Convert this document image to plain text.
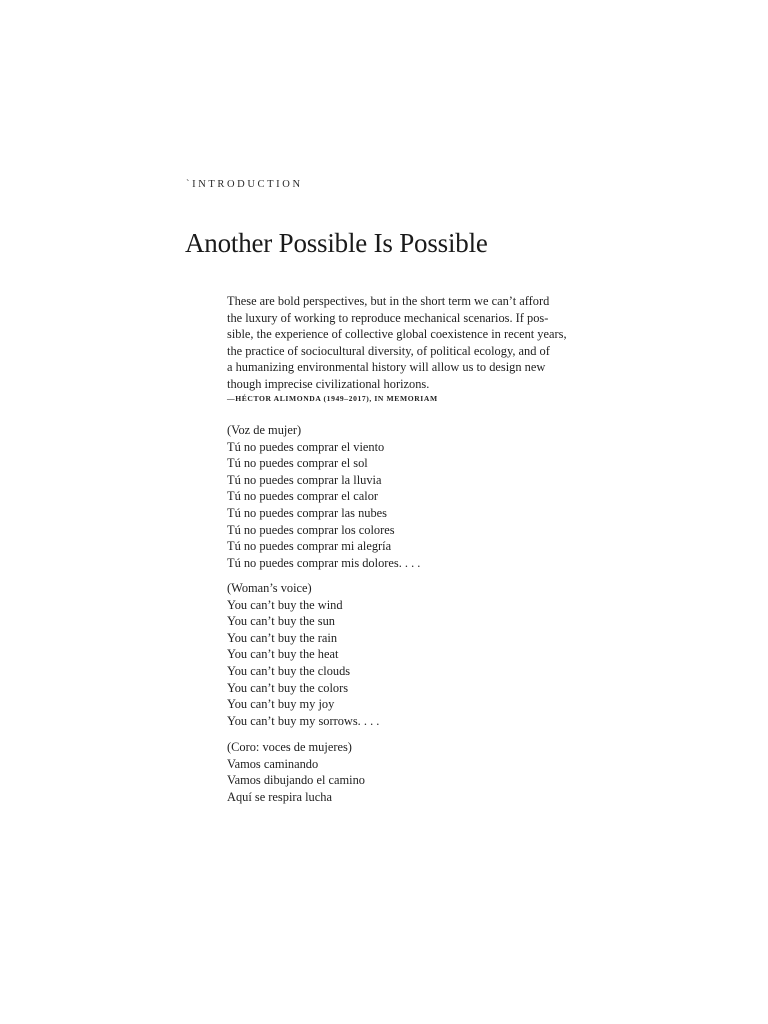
`INTRODUCTION
Another Possible Is Possible
These are bold perspectives, but in the short term we can’t afford
the luxury of working to reproduce mechanical scenarios. If pos-
sible, the experience of collective global coexistence in recent years,
the practice of sociocultural diversity, of political ecology, and of
a humanizing environmental history will allow us to design new
though imprecise civilizational horizons.
—HÉCTOR ALIMONDA (1949–2017), IN MEMORIAM
(Voz de mujer)
Tú no puedes comprar el viento
Tú no puedes comprar el sol
Tú no puedes comprar la lluvia
Tú no puedes comprar el calor
Tú no puedes comprar las nubes
Tú no puedes comprar los colores
Tú no puedes comprar mi alegría
Tú no puedes comprar mis dolores. . . .
(Woman’s voice)
You can’t buy the wind
You can’t buy the sun
You can’t buy the rain
You can’t buy the heat
You can’t buy the clouds
You can’t buy the colors
You can’t buy my joy
You can’t buy my sorrows. . . .
(Coro: voces de mujeres)
Vamos caminando
Vamos dibujando el camino
Aquí se respira lucha
